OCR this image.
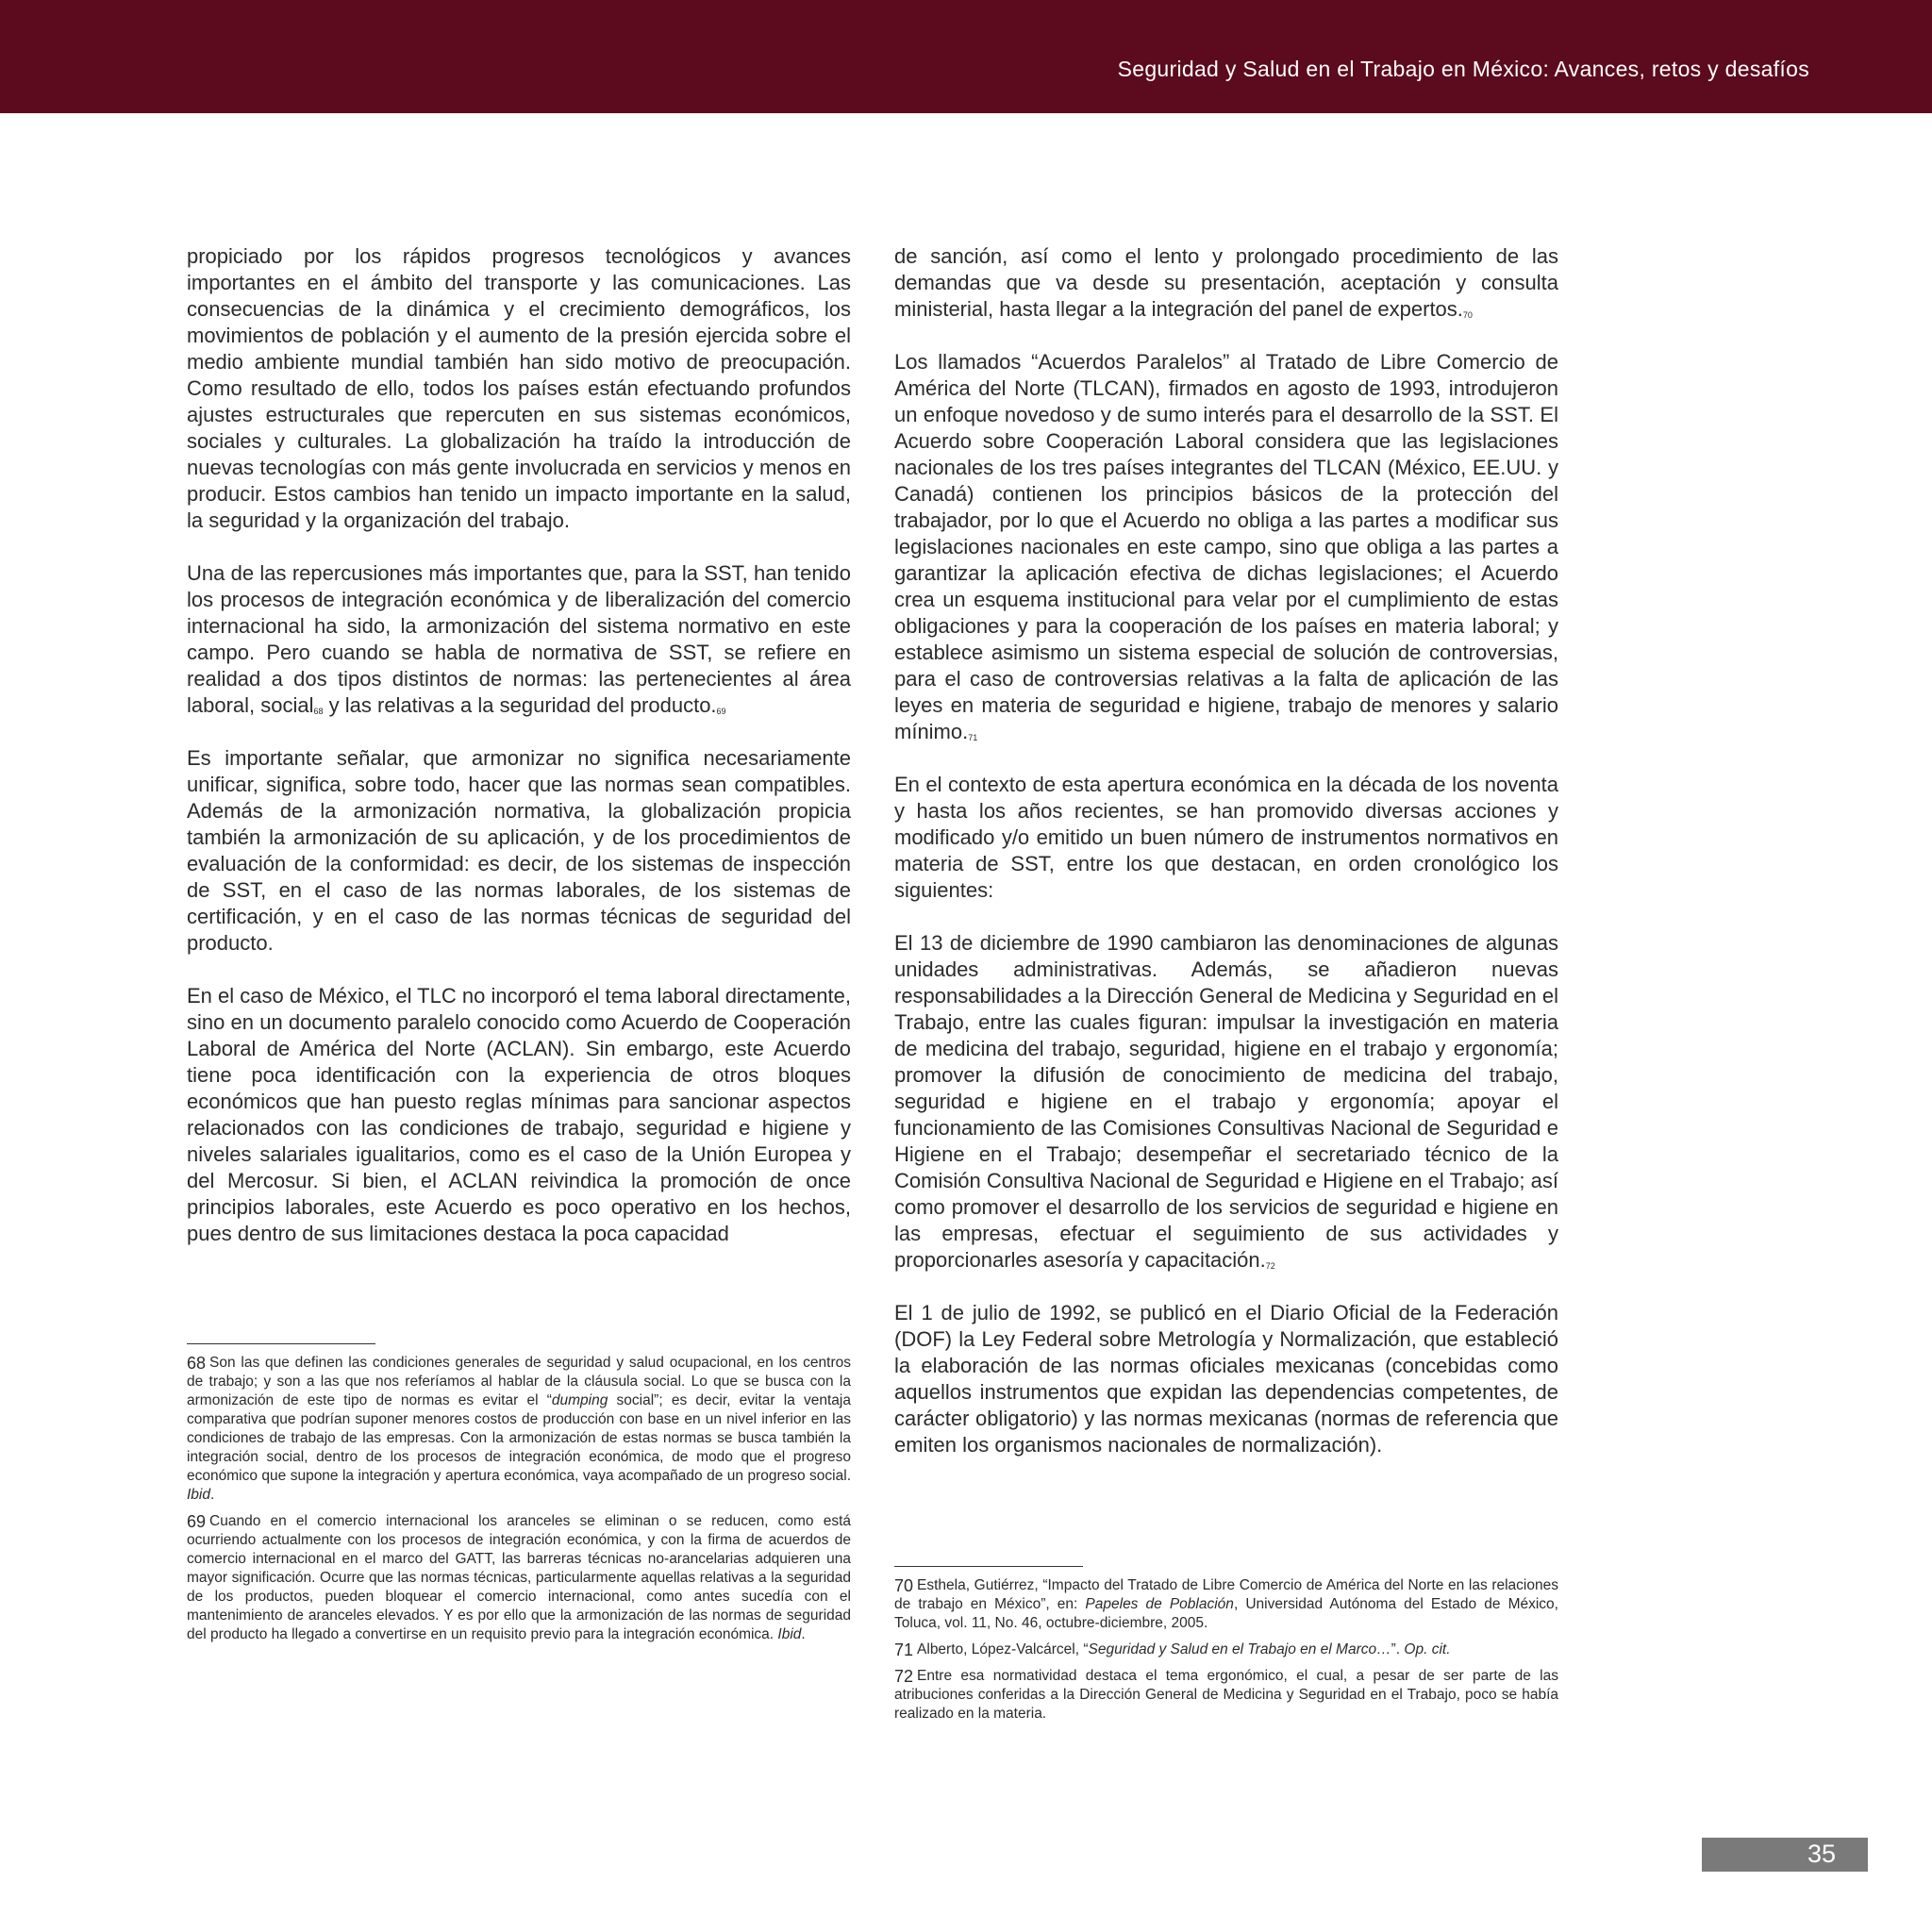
Seguridad y Salud en el Trabajo en México: Avances, retos y desafíos

propiciado por los rápidos progresos tecnológicos y avances importantes en el ámbito del transporte y las comunicaciones. Las consecuencias de la dinámica y el crecimiento demográficos, los movimientos de población y el aumento de la presión ejercida sobre el medio ambiente mundial también han sido motivo de preocupación. Como resultado de ello, todos los países están efectuando profundos ajustes estructurales que repercuten en sus sistemas económicos, sociales y culturales. La globalización ha traído la introducción de nuevas tecnologías con más gente involucrada en servicios y menos en producir. Estos cambios han tenido un impacto importante en la salud, la seguridad y la organización del trabajo.

Una de las repercusiones más importantes que, para la SST, han tenido los procesos de integración económica y de liberalización del comercio internacional ha sido, la armonización del sistema normativo en este campo. Pero cuando se habla de normativa de SST, se refiere en realidad a dos tipos distintos de normas: las pertenecientes al área laboral, social$^{68}$ y las relativas a la seguridad del producto.$^{69}$

Es importante señalar, que armonizar no significa necesariamente unificar, significa, sobre todo, hacer que las normas sean compatibles. Además de la armonización normativa, la globalización propicia también la armonización de su aplicación, y de los procedimientos de evaluación de la conformidad: es decir, de los sistemas de inspección de SST, en el caso de las normas laborales, de los sistemas de certificación, y en el caso de las normas técnicas de seguridad del producto.

En el caso de México, el TLC no incorporó el tema laboral directamente, sino en un documento paralelo conocido como Acuerdo de Cooperación Laboral de América del Norte (ACLAN). Sin embargo, este Acuerdo tiene poca identificación con la experiencia de otros bloques económicos que han puesto reglas mínimas para sancionar aspectos relacionados con las condiciones de trabajo, seguridad e higiene y niveles salariales igualitarios, como es el caso de la Unión Europea y del Mercosur. Si bien, el ACLAN reivindica la promoción de once principios laborales, este Acuerdo es poco operativo en los hechos, pues dentro de sus limitaciones destaca la poca capacidad

de sanción, así como el lento y prolongado procedimiento de las demandas que va desde su presentación, aceptación y consulta ministerial, hasta llegar a la integración del panel de expertos.$^{70}$

Los llamados “Acuerdos Paralelos” al Tratado de Libre Comercio de América del Norte (TLCAN), firmados en agosto de 1993, introdujeron un enfoque novedoso y de sumo interés para el desarrollo de la SST. El Acuerdo sobre Cooperación Laboral considera que las legislaciones nacionales de los tres países integrantes del TLCAN (México, EE.UU. y Canadá) contienen los principios básicos de la protección del trabajador, por lo que el Acuerdo no obliga a las partes a modificar sus legislaciones nacionales en este campo, sino que obliga a las partes a garantizar la aplicación efectiva de dichas legislaciones; el Acuerdo crea un esquema institucional para velar por el cumplimiento de estas obligaciones y para la cooperación de los países en materia laboral; y establece asimismo un sistema especial de solución de controversias, para el caso de controversias relativas a la falta de aplicación de las leyes en materia de seguridad e higiene, trabajo de menores y salario mínimo.$^{71}$

En el contexto de esta apertura económica en la década de los noventa y hasta los años recientes, se han promovido diversas acciones y modificado y/o emitido un buen número de instrumentos normativos en materia de SST, entre los que destacan, en orden cronológico los siguientes:

El 13 de diciembre de 1990 cambiaron las denominaciones de algunas unidades administrativas. Además, se añadieron nuevas responsabilidades a la Dirección General de Medicina y Seguridad en el Trabajo, entre las cuales figuran: impulsar la investigación en materia de medicina del trabajo, seguridad, higiene en el trabajo y ergonomía; promover la difusión de conocimiento de medicina del trabajo, seguridad e higiene en el trabajo y ergonomía; apoyar el funcionamiento de las Comisiones Consultivas Nacional de Seguridad e Higiene en el Trabajo; desempeñar el secretariado técnico de la Comisión Consultiva Nacional de Seguridad e Higiene en el Trabajo; así como promover el desarrollo de los servicios de seguridad e higiene en las empresas, efectuar el seguimiento de sus actividades y proporcionarles asesoría y capacitación.$^{72}$

El 1 de julio de 1992, se publicó en el Diario Oficial de la Federación (DOF) la Ley Federal sobre Metrología y Normalización, que estableció la elaboración de las normas oficiales mexicanas (concebidas como aquellos instrumentos que expidan las dependencias competentes, de carácter obligatorio) y las normas mexicanas (normas de referencia que emiten los organismos nacionales de normalización).

68 Son las que definen las condiciones generales de seguridad y salud ocupacional, en los centros de trabajo; y son a las que nos referíamos al hablar de la cláusula social. Lo que se busca con la armonización de este tipo de normas es evitar el “dumping social”; es decir, evitar la ventaja comparativa que podrían suponer menores costos de producción con base en un nivel inferior en las condiciones de trabajo de las empresas. Con la armonización de estas normas se busca también la integración social, dentro de los procesos de integración económica, de modo que el progreso económico que supone la integración y apertura económica, vaya acompañado de un progreso social. Ibid.

69 Cuando en el comercio internacional los aranceles se eliminan o se reducen, como está ocurriendo actualmente con los procesos de integración económica, y con la firma de acuerdos de comercio internacional en el marco del GATT, las barreras técnicas no-arancelarias adquieren una mayor significación. Ocurre que las normas técnicas, particularmente aquellas relativas a la seguridad de los productos, pueden bloquear el comercio internacional, como antes sucedía con el mantenimiento de aranceles elevados. Y es por ello que la armonización de las normas de seguridad del producto ha llegado a convertirse en un requisito previo para la integración económica. Ibid.

70 Esthela, Gutiérrez, “Impacto del Tratado de Libre Comercio de América del Norte en las relaciones de trabajo en México”, en: Papeles de Población, Universidad Autónoma del Estado de México, Toluca, vol. 11, No. 46, octubre-diciembre, 2005.

71 Alberto, López-Valcárcel, “Seguridad y Salud en el Trabajo en el Marco…”. Op. cit.

72 Entre esa normatividad destaca el tema ergonómico, el cual, a pesar de ser parte de las atribuciones conferidas a la Dirección General de Medicina y Seguridad en el Trabajo, poco se había realizado en la materia.

35
